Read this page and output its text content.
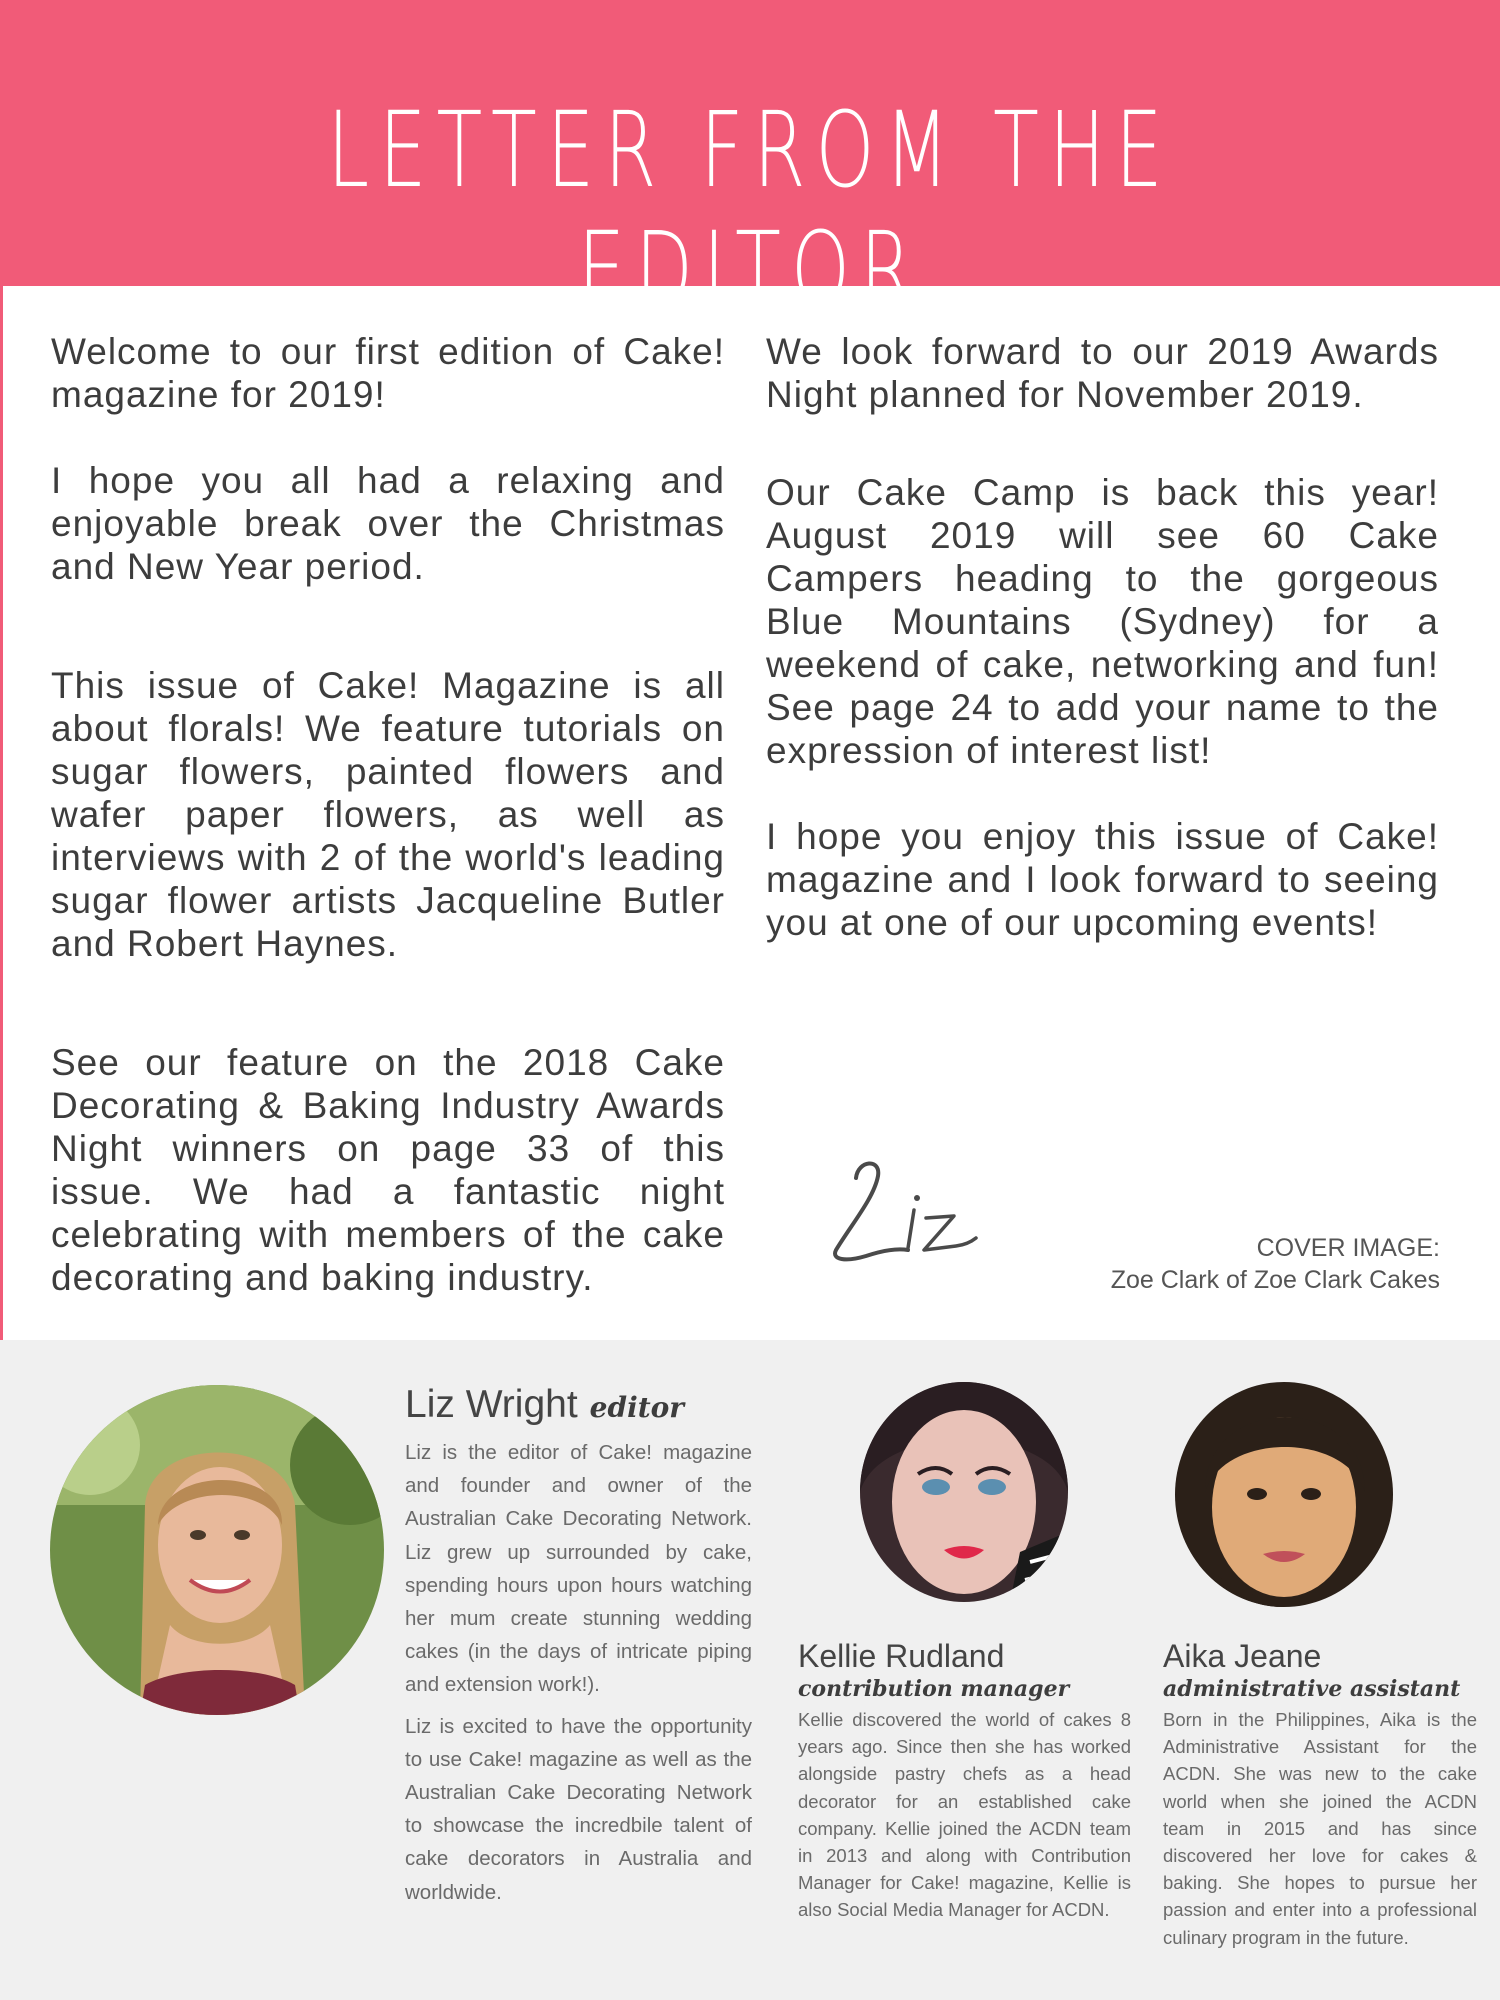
LETTER FROM THE EDITOR

Welcome to our first edition of Cake! magazine for 2019!

I hope you all had a relaxing and enjoyable break over the Christmas and New Year period.

This issue of Cake! Magazine is all about florals! We feature tutorials on sugar flowers, painted flowers and wafer paper flowers, as well as interviews with 2 of the world's leading sugar flower artists Jacqueline Butler and Robert Haynes.

See our feature on the 2018 Cake Decorating & Baking Industry Awards Night winners on page 33 of this issue. We had a fantastic night celebrating with members of the cake decorating and baking industry.

We look forward to our 2019 Awards Night planned for November 2019.

Our Cake Camp is back this year! August 2019 will see 60 Cake Campers heading to the gorgeous Blue Mountains (Sydney) for a weekend of cake, networking and fun! See page 24 to add your name to the expression of interest list!

I hope you enjoy this issue of Cake! magazine and I look forward to seeing you at one of our upcoming events!

COVER IMAGE:
Zoe Clark of Zoe Clark Cakes
Liz Wright editor

Liz is the editor of Cake! magazine and founder and owner of the Australian Cake Decorating Network. Liz grew up surrounded by cake, spending hours upon hours watching her mum create stunning wedding cakes (in the days of intricate piping and extension work!).

Liz is excited to have the opportunity to use Cake! magazine as well as the Australian Cake Decorating Network to showcase the incredbile talent of cake decorators in Australia and worldwide.

Kellie Rudland
contribution manager
Kellie discovered the world of cakes 8 years ago. Since then she has worked alongside pastry chefs as a head decorator for an established cake company. Kellie joined the ACDN team in 2013 and along with Contribution Manager for Cake! magazine, Kellie is also Social Media Manager for ACDN.
Aika Jeane
administrative assistant
Born in the Philippines, Aika is the Administrative Assistant for the ACDN. She was new to the cake world when she joined the ACDN team in 2015 and has since discovered her love for cakes & baking. She hopes to pursue her passion and enter into a professional culinary program in the future.
